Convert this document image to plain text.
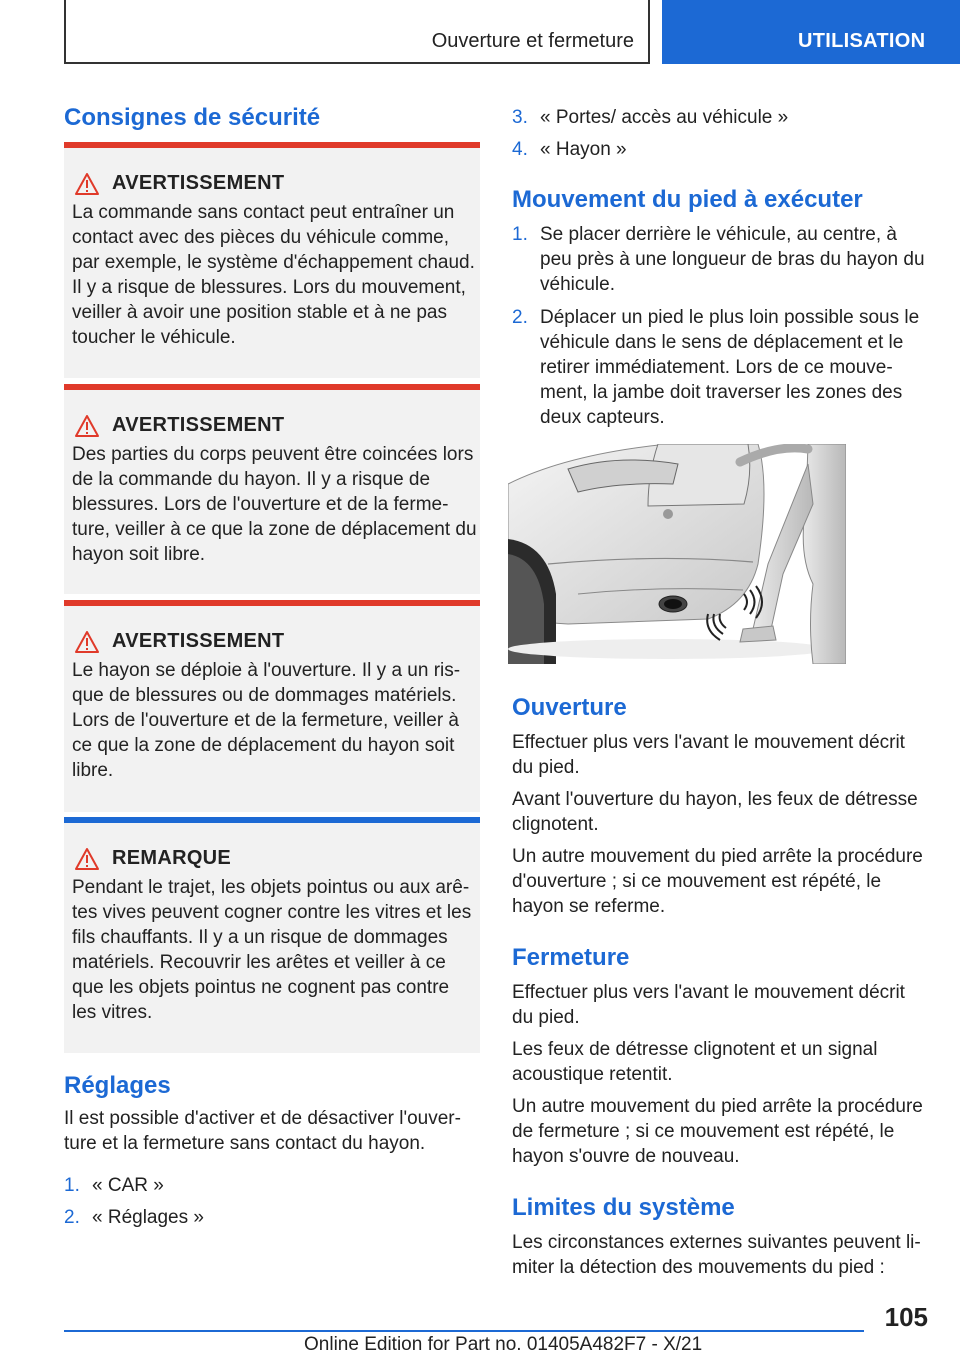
Ouverture et fermeture	UTILISATION
Consignes de sécurité
AVERTISSEMENT

La commande sans contact peut entraîner un contact avec des pièces du véhicule comme, par exemple, le système d'échappement chaud. Il y a risque de blessures. Lors du mouvement, veiller à avoir une position stable et à ne pas toucher le véhicule.

AVERTISSEMENT

Des parties du corps peuvent être coincées lors de la commande du hayon. Il y a risque de blessures. Lors de l'ouverture et de la fermeture, veiller à ce que la zone de déplacement du hayon soit libre.

AVERTISSEMENT

Le hayon se déploie à l'ouverture. Il y a un risque de blessures ou de dommages matériels. Lors de l'ouverture et de la fermeture, veiller à ce que la zone de déplacement du hayon soit libre.

REMARQUE

Pendant le trajet, les objets pointus ou aux arêtes vives peuvent cogner contre les vitres et les fils chauffants. Il y a un risque de dommages matériels. Recouvrir les arêtes et veiller à ce que les objets pointus ne cognent pas contre les vitres.

Réglages

Il est possible d'activer et de désactiver l'ouverture et la fermeture sans contact du hayon.

1. « CAR »
2. « Réglages »
3. « Portes/ accès au véhicule »
4. « Hayon »
Mouvement du pied à exécuter
1. Se placer derrière le véhicule, au centre, à peu près à une longueur de bras du hayon du véhicule.
2. Déplacer un pied le plus loin possible sous le véhicule dans le sens de déplacement et le retirer immédiatement. Lors de ce mouvement, la jambe doit traverser les zones des deux capteurs.
Ouverture

Effectuer plus vers l'avant le mouvement décrit du pied.

Avant l'ouverture du hayon, les feux de détresse clignotent.

Un autre mouvement du pied arrête la procédure d'ouverture ; si ce mouvement est répété, le hayon se referme.

Fermeture

Effectuer plus vers l'avant le mouvement décrit du pied.

Les feux de détresse clignotent et un signal acoustique retentit.

Un autre mouvement du pied arrête la procédure de fermeture ; si ce mouvement est répété, le hayon s'ouvre de nouveau.

Limites du système

Les circonstances externes suivantes peuvent limiter la détection des mouvements du pied :

105
Online Edition for Part no. 01405A482F7 - X/21
